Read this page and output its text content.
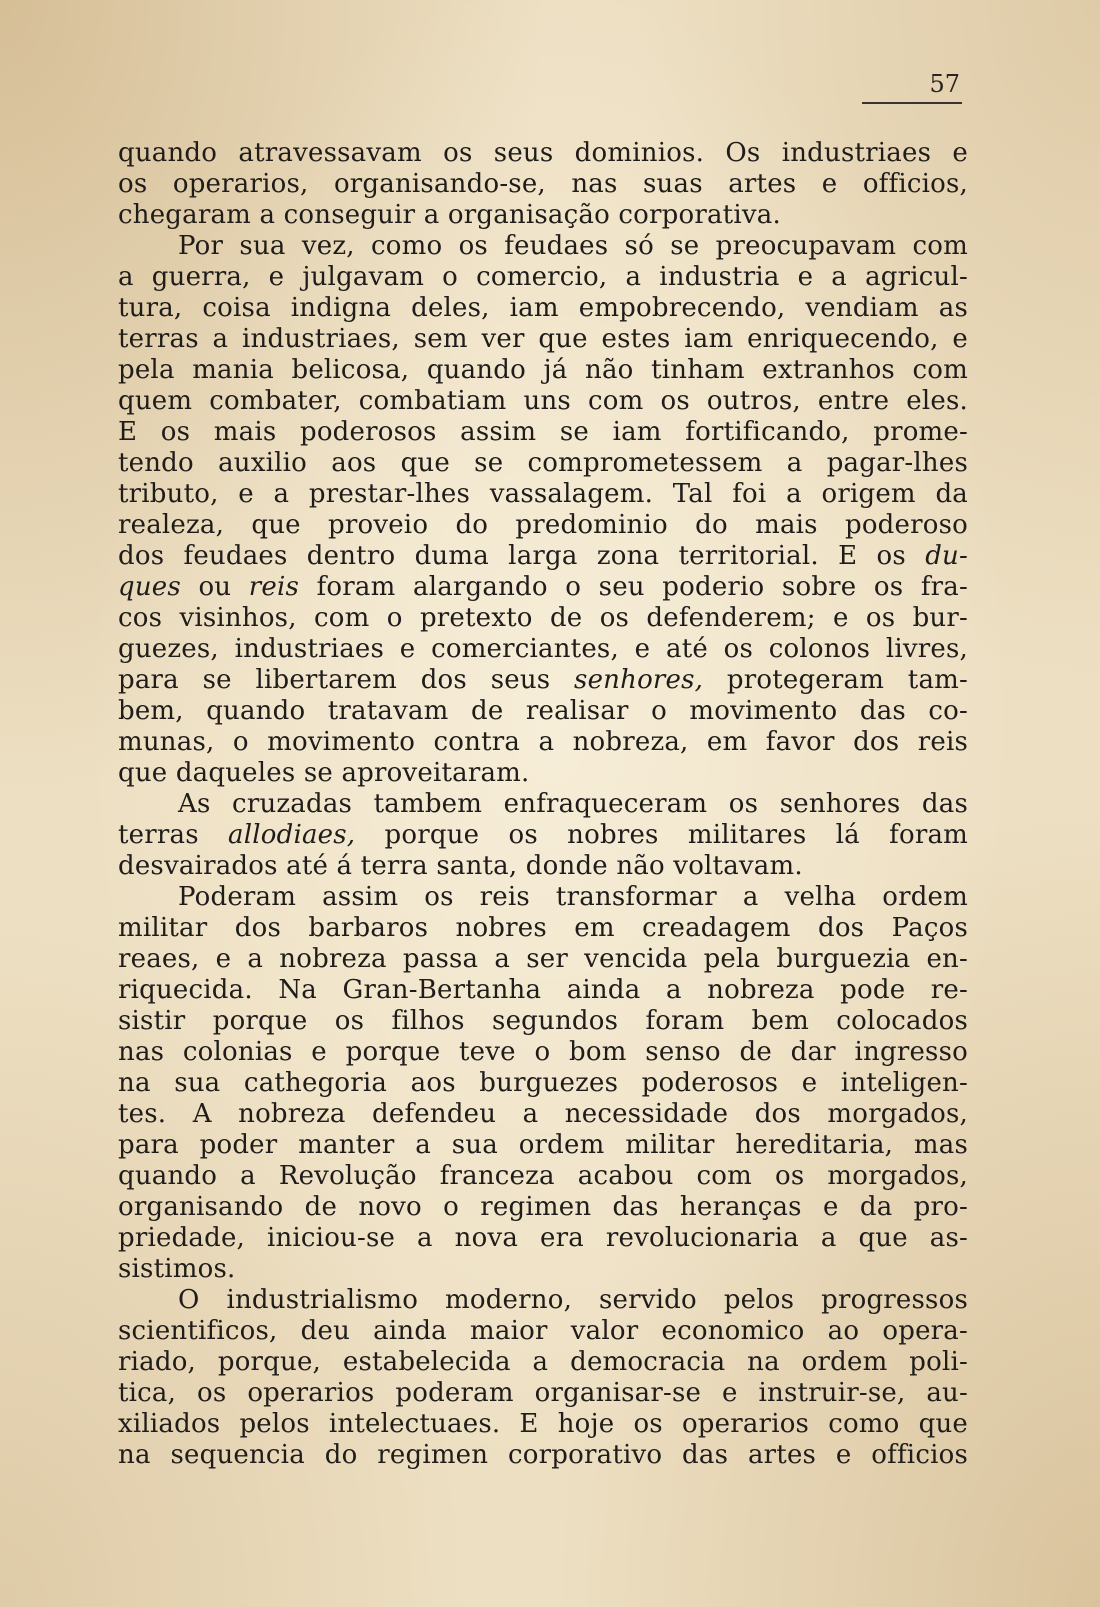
57
quando atravessavam os seus dominios. Os industriaes e
os operarios, organisando-se, nas suas artes e officios,
chegaram a conseguir a organisação corporativa.
Por sua vez, como os feudaes só se preocupavam com
a guerra, e julgavam o comercio, a industria e a agricul-
tura, coisa indigna deles, iam empobrecendo, vendiam as
terras a industriaes, sem ver que estes iam enriquecendo, e
pela mania belicosa, quando já não tinham extranhos com
quem combater, combatiam uns com os outros, entre eles.
E os mais poderosos assim se iam fortificando, prome-
tendo auxilio aos que se comprometessem a pagar-lhes
tributo, e a prestar-lhes vassalagem. Tal foi a origem da
realeza, que proveio do predominio do mais poderoso
dos feudaes dentro duma larga zona territorial. E os du-
ques ou reis foram alargando o seu poderio sobre os fra-
cos visinhos, com o pretexto de os defenderem; e os bur-
guezes, industriaes e comerciantes, e até os colonos livres,
para se libertarem dos seus senhores, protegeram tam-
bem, quando tratavam de realisar o movimento das co-
munas, o movimento contra a nobreza, em favor dos reis
que daqueles se aproveitaram.
As cruzadas tambem enfraqueceram os senhores das
terras allodiaes, porque os nobres militares lá foram
desvairados até á terra santa, donde não voltavam.
Poderam assim os reis transformar a velha ordem
militar dos barbaros nobres em creadagem dos Paços
reaes, e a nobreza passa a ser vencida pela burguezia en-
riquecida. Na Gran-Bertanha ainda a nobreza pode re-
sistir porque os filhos segundos foram bem colocados
nas colonias e porque teve o bom senso de dar ingresso
na sua cathegoria aos burguezes poderosos e inteligen-
tes. A nobreza defendeu a necessidade dos morgados,
para poder manter a sua ordem militar hereditaria, mas
quando a Revolução franceza acabou com os morgados,
organisando de novo o regimen das heranças e da pro-
priedade, iniciou-se a nova era revolucionaria a que as-
sistimos.
O industrialismo moderno, servido pelos progressos
scientificos, deu ainda maior valor economico ao opera-
riado, porque, estabelecida a democracia na ordem poli-
tica, os operarios poderam organisar-se e instruir-se, au-
xiliados pelos intelectuaes. E hoje os operarios como que
na sequencia do regimen corporativo das artes e officios
